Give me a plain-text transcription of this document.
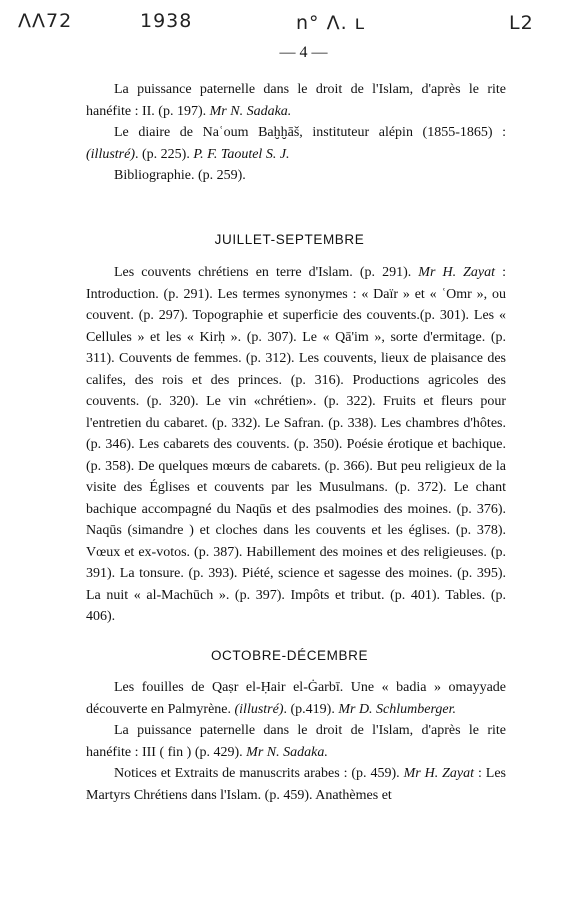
ΛΛ72	1938	n° Λ. ʟ	L2
— 4 —

La puissance paternelle dans le droit de l'Islam, d'après le rite hanéfite : II. (p. 197). Mr N. Sadaka.

Le diaire de Naʿoum Baḫḫāš, instituteur alépin (1855-1865) : (illustré). (p. 225). P. F. Taoutel S. J.

Bibliographie. (p. 259).

JUILLET-SEPTEMBRE

Les couvents chrétiens en terre d'Islam. (p. 291). Mr H. Zayat : Introduction. (p. 291). Les termes synonymes : « Daïr » et « ʿOmr », ou couvent. (p. 297). Topographie et superficie des couvents.(p. 301). Les « Cellules » et les « Kirḥ ». (p. 307). Le « Qā'im », sorte d'ermitage. (p. 311). Couvents de femmes. (p. 312). Les couvents, lieux de plaisance des califes, des rois et des princes. (p. 316). Productions agricoles des couvents. (p. 320). Le vin «chrétien». (p. 322). Fruits et fleurs pour l'entretien du cabaret. (p. 332). Le Safran. (p. 338). Les chambres d'hôtes. (p. 346). Les cabarets des couvents. (p. 350). Poésie érotique et bachique. (p. 358). De quelques mœurs de cabarets. (p. 366). But peu religieux de la visite des Églises et couvents par les Musulmans. (p. 372). Le chant bachique accompagné du Naqūs et des psalmodies des moines. (p. 376). Naqūs (simandre ) et cloches dans les couvents et les églises. (p. 378). Vœux et ex-votos. (p. 387). Habillement des moines et des religieuses. (p. 391). La tonsure. (p. 393). Piété, science et sagesse des moines. (p. 395). La nuit « al-Machūch ». (p. 397). Impôts et tribut. (p. 401). Tables. (p. 406).

OCTOBRE-DÉCEMBRE

Les fouilles de Qaṣr el-Ḥair el-Ġarbī. Une « badia » omayyade découverte en Palmyrène. (illustré). (p.419). Mr D. Schlumberger.

La puissance paternelle dans le droit de l'Islam, d'après le rite hanéfite : III ( fin ) (p. 429). Mr N. Sadaka.

Notices et Extraits de manuscrits arabes : (p. 459). Mr H. Zayat : Les Martyrs Chrétiens dans l'Islam. (p. 459). Anathèmes et
